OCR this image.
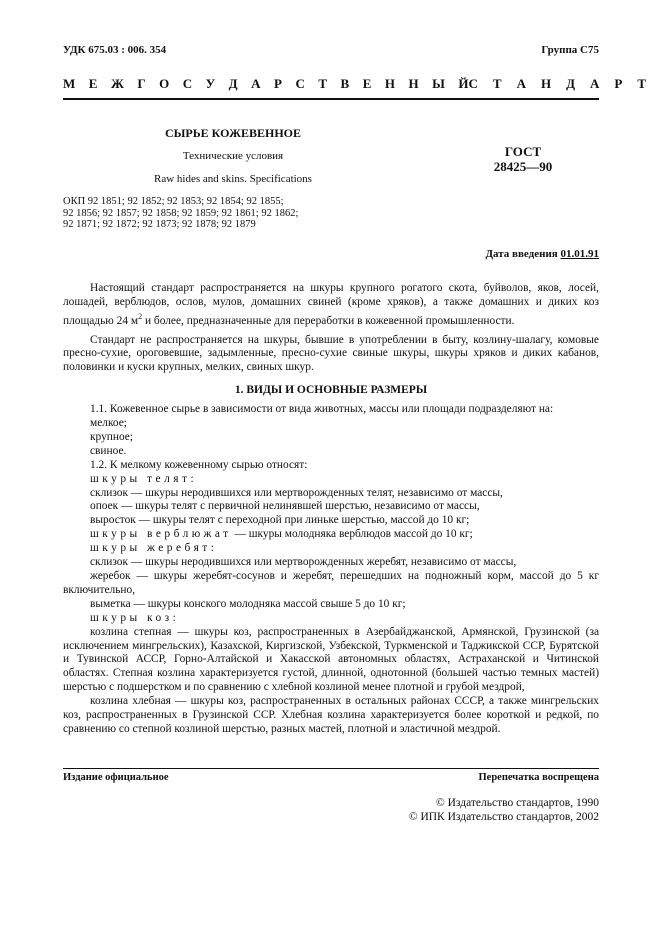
УДК 675.03 : 006. 354	Группа С75
М Е Ж Г О С У Д А Р С Т В Е Н Н Ы Й С Т А Н Д А Р Т
СЫРЬЕ КОЖЕВЕННОЕ
Технические условия
Raw hides and skins. Specifications
ГОСТ
28425—90
ОКП 92 1851; 92 1852; 92 1853; 92 1854; 92 1855;
92 1856; 92 1857; 92 1858; 92 1859; 92 1861; 92 1862;
92 1871; 92 1872; 92 1873; 92 1878; 92 1879
Дата введения 01.01.91

Настоящий стандарт распространяется на шкуры крупного рогатого скота, буйволов, яков, лосей, лошадей, верблюдов, ослов, мулов, домашних свиней (кроме хряков), а также домашних и диких коз площадью 24 $м^2$ и более, предназначенные для переработки в кожевенной промышленности.

Стандарт не распространяется на шкуры, бывшие в употреблении в быту, козлину-шалагу, комовые пресно-сухие, ороговевшие, задымленные, пресно-сухие свиные шкуры, шкуры хряков и диких кабанов, половинки и куски крупных, мелких, свиных шкур.

1. ВИДЫ И ОСНОВНЫЕ РАЗМЕРЫ

1.1. Кожевенное сырье в зависимости от вида животных, массы или площади подразделяют на:

мелкое;

крупное;

свиное.

1.2. К мелкому кожевенному сырью относят:

шкуры телят:

склизок — шкуры неродившихся или мертворожденных телят, независимо от массы,

опоек — шкуры телят с первичной нелинявшей шерстью, независимо от массы,

выросток — шкуры телят с переходной при линьке шерстью, массой до 10 кг;

шкуры верблюжат — шкуры молодняка верблюдов массой до 10 кг;

шкуры жеребят:

склизок — шкуры неродившихся или мертворожденных жеребят, независимо от массы,

жеребок — шкуры жеребят-сосунов и жеребят, перешедших на подножный корм, массой до 5 кг включительно,

выметка — шкуры конского молодняка массой свыше 5 до 10 кг;

шкуры коз:

козлина степная — шкуры коз, распространенных в Азербайджанской, Армянской, Грузинской (за исключением мингрельских), Казахской, Киргизской, Узбекской, Туркменской и Таджикской ССР, Бурятской и Тувинской АССР, Горно-Алтайской и Хакасской автономных областях, Астраханской и Читинской областях. Степная козлина характеризуется густой, длинной, однотонной (большей частью темных мастей) шерстью с подшерстком и по сравнению с хлебной козлиной менее плотной и грубой мездрой,

козлина хлебная — шкуры коз, распространенных в остальных районах СССР, а также мингрельских коз, распространенных в Грузинской ССР. Хлебная козлина характеризуется более короткой и редкой, по сравнению со степной козлиной шерстью, разных мастей, плотной и эластичной мездрой.

Издание официальное	Перепечатка воспрещена
© Издательство стандартов, 1990
© ИПК Издательство стандартов, 2002
